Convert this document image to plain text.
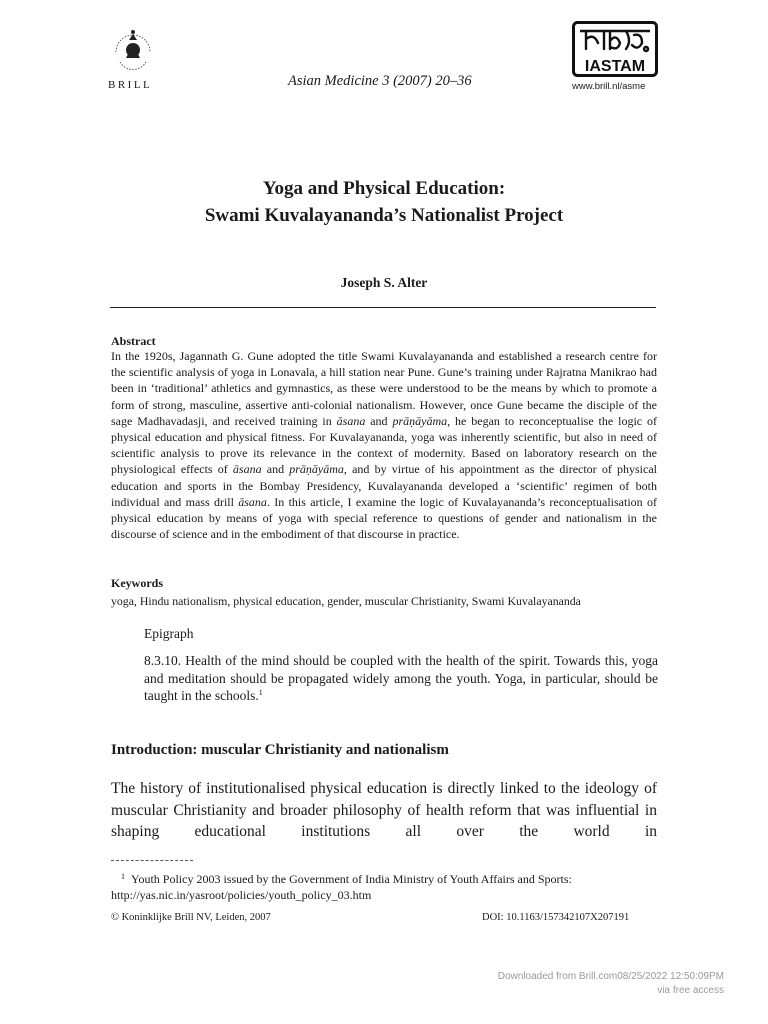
BRILL	Asian Medicine 3 (2007) 20–36
IASTAM
www.brill.nl/asme
Yoga and Physical Education:
Swami Kuvalayananda’s Nationalist Project
Joseph S. Alter
Abstract
In the 1920s, Jagannath G. Gune adopted the title Swami Kuvalayananda and established a research centre for the scientific analysis of yoga in Lonavala, a hill station near Pune. Gune’s training under Rajratna Manikrao had been in ‘traditional’ athletics and gymnastics, as these were understood to be the means by which to promote a form of strong, masculine, assertive anti-colonial nationalism. However, once Gune became the disciple of the sage Madhavadasji, and received training in āsana and prāṇāyāma, he began to reconceptualise the logic of physical education and physical fitness. For Kuvalayananda, yoga was inherently scientific, but also in need of scientific analysis to prove its relevance in the context of modernity. Based on laboratory research on the physiological effects of āsana and prāṇāyāma, and by virtue of his appointment as the director of physical education and sports in the Bombay Presidency, Kuvalayananda developed a ‘scientific’ regimen of both individual and mass drill āsana. In this article, I examine the logic of Kuvalayananda’s reconceptualisation of physical education by means of yoga with special reference to questions of gender and nationalism in the discourse of science and in the embodiment of that discourse in practice.
Keywords
yoga, Hindu nationalism, physical education, gender, muscular Christianity, Swami Kuvalayananda
Epigraph
8.3.10. Health of the mind should be coupled with the health of the spirit. Towards this, yoga and meditation should be propagated widely among the youth. Yoga, in particular, should be taught in the schools.$^1$
Introduction: muscular Christianity and nationalism
The history of institutionalised physical education is directly linked to the ideology of muscular Christianity and broader philosophy of health reform that was influential in shaping educational institutions all over the world in
$^1$ Youth Policy 2003 issued by the Government of India Ministry of Youth Affairs and Sports: http://yas.nic.in/yasroot/policies/youth_policy_03.htm
© Koninklijke Brill NV, Leiden, 2007	DOI: 10.1163/157342107X207191
Downloaded from Brill.com08/25/2022 12:50:09PM
via free access
